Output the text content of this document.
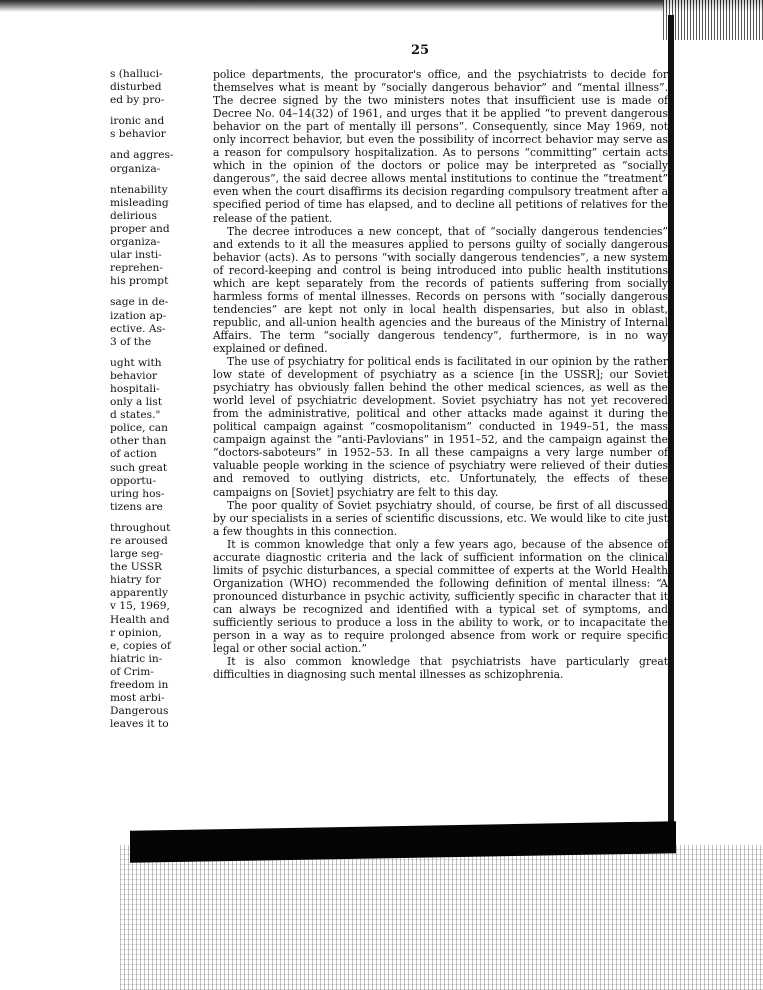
25
s (halluci-
disturbed
ed by pro-
ironic and
s behavior
and aggres-
organiza-
ntenability
misleading
delirious
proper and
organiza-
ular insti-
reprehen-
his prompt
sage in de-
ization ap-
ective. As-
3 of the
ught with
behavior
hospitali-
only a list
d states."
police, can
other than
of action
such great
opportu-
uring hos-
tizens are
throughout
re aroused
large seg-
the USSR
hiatry for
apparently
v 15, 1969,
Health and
r opinion,
e, copies of
hiatric in-
of Crim-
freedom in
most arbi-
Dangerous
leaves it to

police departments, the procurator's office, and the psychiatrists to decide for themselves what is meant by “socially dangerous behavior” and “mental illness”. The decree signed by the two ministers notes that insufficient use is made of Decree No. 04–14(32) of 1961, and urges that it be applied “to prevent dangerous behavior on the part of mentally ill persons”. Consequently, since May 1969, not only incorrect behavior, but even the possibility of incorrect behavior may serve as a reason for compulsory hospitalization. As to persons “committing” certain acts which in the opinion of the doctors or police may be interpreted as “socially dangerous”, the said decree allows mental institutions to continue the “treatment” even when the court disaffirms its decision regarding compulsory treatment after a specified period of time has elapsed, and to decline all petitions of relatives for the release of the patient.

The decree introduces a new concept, that of “socially dangerous tendencies” and extends to it all the measures applied to persons guilty of socially dangerous behavior (acts). As to persons “with socially dangerous tendencies”, a new system of record-keeping and control is being introduced into public health institutions which are kept separately from the records of patients suffering from socially harmless forms of mental illnesses. Records on persons with “socially dangerous tendencies” are kept not only in local health dispensaries, but also in oblast, republic, and all-union health agencies and the bureaus of the Ministry of Internal Affairs. The term “socially dangerous tendency”, furthermore, is in no way explained or defined.

The use of psychiatry for political ends is facilitated in our opinion by the rather low state of development of psychiatry as a science [in the USSR]; our Soviet psychiatry has obviously fallen behind the other medical sciences, as well as the world level of psychiatric development. Soviet psychiatry has not yet recovered from the administrative, political and other attacks made against it during the political campaign against “cosmopolitanism” conducted in 1949–51, the mass campaign against the “anti-Pavlovians” in 1951–52, and the campaign against the “doctors-saboteurs” in 1952–53. In all these campaigns a very large number of valuable people working in the science of psychiatry were relieved of their duties and removed to outlying districts, etc. Unfortunately, the effects of these campaigns on [Soviet] psychiatry are felt to this day.

The poor quality of Soviet psychiatry should, of course, be first of all discussed by our specialists in a series of scientific discussions, etc. We would like to cite just a few thoughts in this connection.

It is common knowledge that only a few years ago, because of the absence of accurate diagnostic criteria and the lack of sufficient information on the clinical limits of psychic disturbances, a special committee of experts at the World Health Organization (WHO) recommended the following definition of mental illness: “A pronounced disturbance in psychic activity, sufficiently specific in character that it can always be recognized and identified with a typical set of symptoms, and sufficiently serious to produce a loss in the ability to work, or to incapacitate the person in a way as to require prolonged absence from work or require specific legal or other social action.”

It is also common knowledge that psychiatrists have particularly great difficulties in diagnosing such mental illnesses as schizophrenia.
